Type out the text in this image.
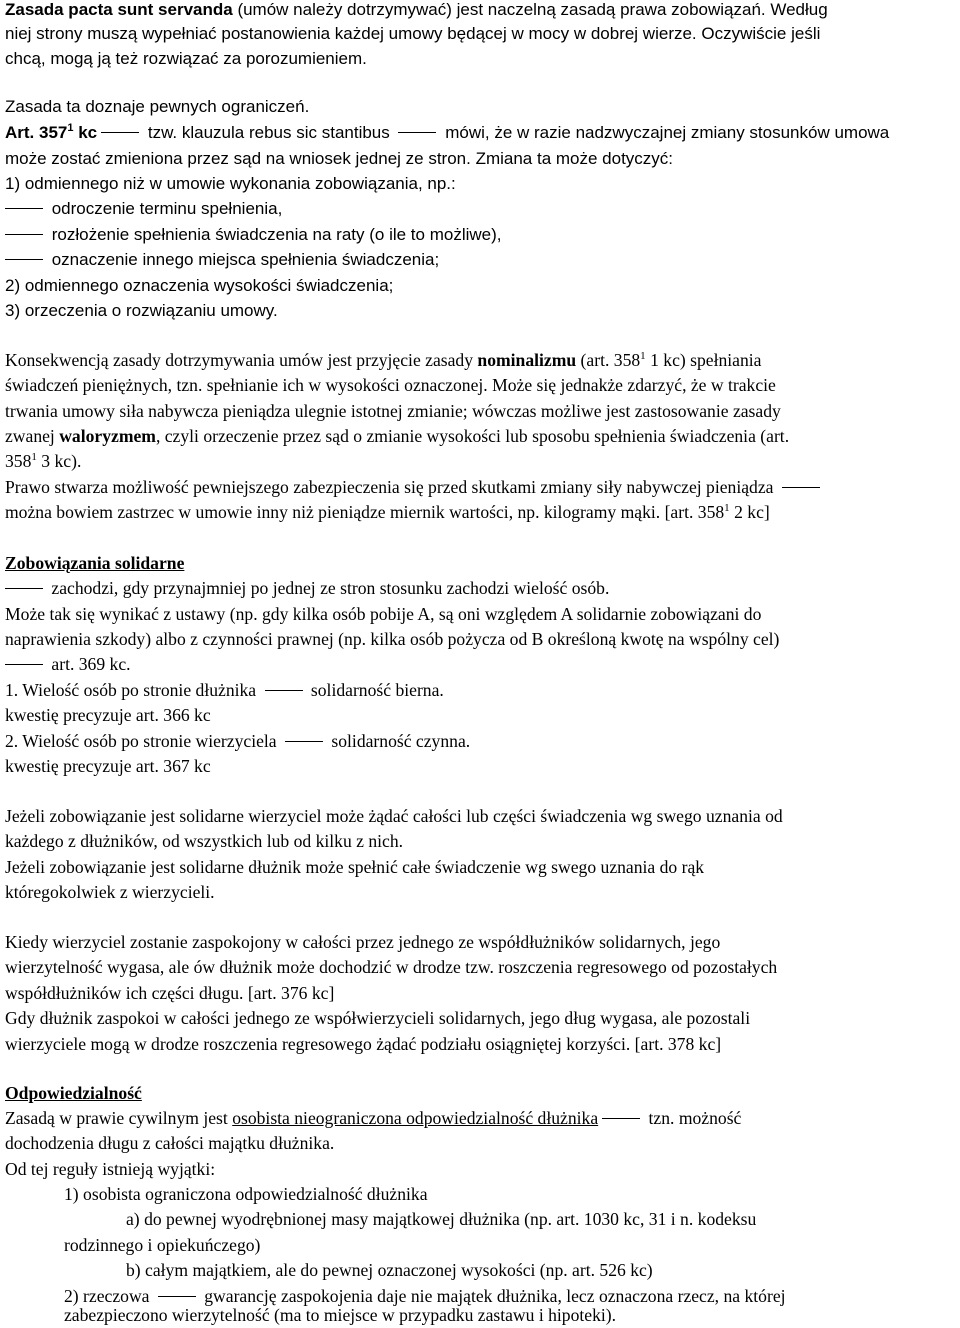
Zasada pacta sunt servanda (umów należy dotrzymywać) jest naczelną zasadą prawa zobowiązań. Według
niej strony muszą wypełniać postanowienia każdej umowy będącej w mocy w dobrej wierze. Oczywiście jeśli
chcą, mogą ją też rozwiązać za porozumieniem.
Zasada ta doznaje pewnych ograniczeń.
Art. $357^1$ kc	tzw. klauzula rebus sic stantibus	mówi, że w razie nadzwyczajnej zmiany stosunków umowa
może zostać zmieniona przez sąd na wniosek jednej ze stron. Zmiana ta może dotyczyć:
1) odmiennego niż w umowie wykonania zobowiązania, np.:
odroczenie terminu spełnienia,
rozłożenie spełnienia świadczenia na raty (o ile to możliwe),
oznaczenie innego miejsca spełnienia świadczenia;
2) odmiennego oznaczenia wysokości świadczenia;
3) orzeczenia o rozwiązaniu umowy.
Konsekwencją zasady dotrzymywania umów jest przyjęcie zasady nominalizmu (art. $358^1$ 1 kc) spełniania
świadczeń pieniężnych, tzn. spełnianie ich w wysokości oznaczonej. Może się jednakże zdarzyć, że w trakcie
trwania umowy siła nabywcza pieniądza ulegnie istotnej zmianie; wówczas możliwe jest zastosowanie zasady
zwanej waloryzmem, czyli orzeczenie przez sąd o zmianie wysokości lub sposobu spełnienia świadczenia (art.
$358^1$ 3 kc).
Prawo stwarza możliwość pewniejszego zabezpieczenia się przed skutkami zmiany siły nabywczej pieniądza
można bowiem zastrzec w umowie inny niż pieniądze miernik wartości, np. kilogramy mąki. [art. $358^1$ 2 kc]
Zobowiązania solidarne
zachodzi, gdy przynajmniej po jednej ze stron stosunku zachodzi wielość osób.
Może tak się wynikać z ustawy (np. gdy kilka osób pobije A, są oni względem A solidarnie zobowiązani do
naprawienia szkody) albo z czynności prawnej (np. kilka osób pożycza od B określoną kwotę na wspólny cel)
art. 369 kc.
1. Wielość osób po stronie dłużnika	solidarność bierna.
kwestię precyzuje art. 366 kc
2. Wielość osób po stronie wierzyciela	solidarność czynna.
kwestię precyzuje art. 367 kc
Jeżeli zobowiązanie jest solidarne wierzyciel może żądać całości lub części świadczenia wg swego uznania od
każdego z dłużników, od wszystkich lub od kilku z nich.
Jeżeli zobowiązanie jest solidarne dłużnik może spełnić całe świadczenie wg swego uznania do rąk
któregokolwiek z wierzycieli.
Kiedy wierzyciel zostanie zaspokojony w całości przez jednego ze współdłużników solidarnych, jego
wierzytelność wygasa, ale ów dłużnik może dochodzić w drodze tzw. roszczenia regresowego od pozostałych
współdłużników ich części długu. [art. 376 kc]
Gdy dłużnik zaspokoi w całości jednego ze współwierzycieli solidarnych, jego dług wygasa, ale pozostali
wierzyciele mogą w drodze roszczenia regresowego żądać podziału osiągniętej korzyści. [art. 378 kc]
Odpowiedzialność
Zasadą w prawie cywilnym jest osobista nieograniczona odpowiedzialność dłużnika	tzn. możność
dochodzenia długu z całości majątku dłużnika.
Od tej reguły istnieją wyjątki:
1) osobista ograniczona odpowiedzialność dłużnika
a) do pewnej wyodrębnionej masy majątkowej dłużnika (np. art. 1030 kc, 31 i n. kodeksu
rodzinnego i opiekuńczego)
b) całym majątkiem, ale do pewnej oznaczonej wysokości (np. art. 526 kc)
2) rzeczowa	gwarancję zaspokojenia daje nie majątek dłużnika, lecz oznaczona rzecz, na której
zabezpieczono wierzytelność (ma to miejsce w przypadku zastawu i hipoteki).
